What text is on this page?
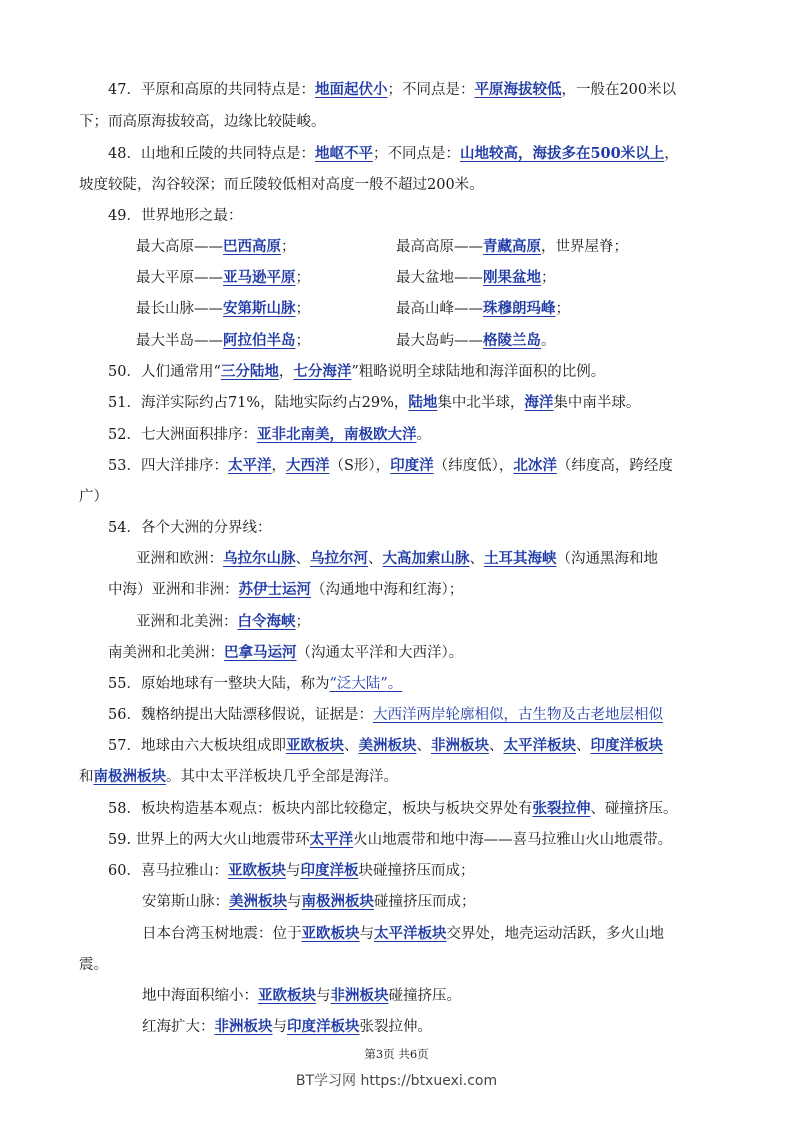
47．平原和高原的共同特点是：地面起伏小；不同点是：平原海拔较低，一般在200米以
下；而高原海拔较高，边缘比较陡峻。
48．山地和丘陵的共同特点是：地岖不平；不同点是：山地较高，海拔多在500米以上，
坡度较陡，沟谷较深；而丘陵较低相对高度一般不超过200米。
49．世界地形之最：
最大高原——巴西高原；	最高高原——青藏高原，世界屋脊；
最大平原——亚马逊平原；	最大盆地——刚果盆地；
最长山脉——安第斯山脉；	最高山峰——珠穆朗玛峰；
最大半岛——阿拉伯半岛；	最大岛屿——格陵兰岛。
50．人们通常用“三分陆地，七分海洋”粗略说明全球陆地和海洋面积的比例。
51．海洋实际约占71%，陆地实际约占29%，陆地集中北半球，海洋集中南半球。
52．七大洲面积排序：亚非北南美，南极欧大洋。
53．四大洋排序：太平洋，大西洋（S形），印度洋（纬度低），北冰洋（纬度高，跨经度
广）
54．各个大洲的分界线：
亚洲和欧洲：乌拉尔山脉、乌拉尔河、大高加索山脉、土耳其海峡（沟通黑海和地
中海）亚洲和非洲：苏伊士运河（沟通地中海和红海）；
亚洲和北美洲：白令海峡；
南美洲和北美洲：巴拿马运河（沟通太平洋和大西洋）。
55．原始地球有一整块大陆，称为“泛大陆”。
56．魏格纳提出大陆漂移假说，证据是：大西洋两岸轮廓相似，古生物及古老地层相似
57．地球由六大板块组成即亚欧板块、美洲板块、非洲板块、太平洋板块、印度洋板块
和南极洲板块。其中太平洋板块几乎全部是海洋。
58．板块构造基本观点：板块内部比较稳定，板块与板块交界处有张裂拉伸、碰撞挤压。
59. 世界上的两大火山地震带环太平洋火山地震带和地中海——喜马拉雅山火山地震带。
60．喜马拉雅山：亚欧板块与印度洋板块碰撞挤压而成；
安第斯山脉：美洲板块与南极洲板块碰撞挤压而成；
日本台湾玉树地震：位于亚欧板块与太平洋板块交界处，地壳运动活跃，多火山地
震。
地中海面积缩小：亚欧板块与非洲板块碰撞挤压。
红海扩大：非洲板块与印度洋板块张裂拉伸。
第3页 共6页
BT学习网 https://btxuexi.com
